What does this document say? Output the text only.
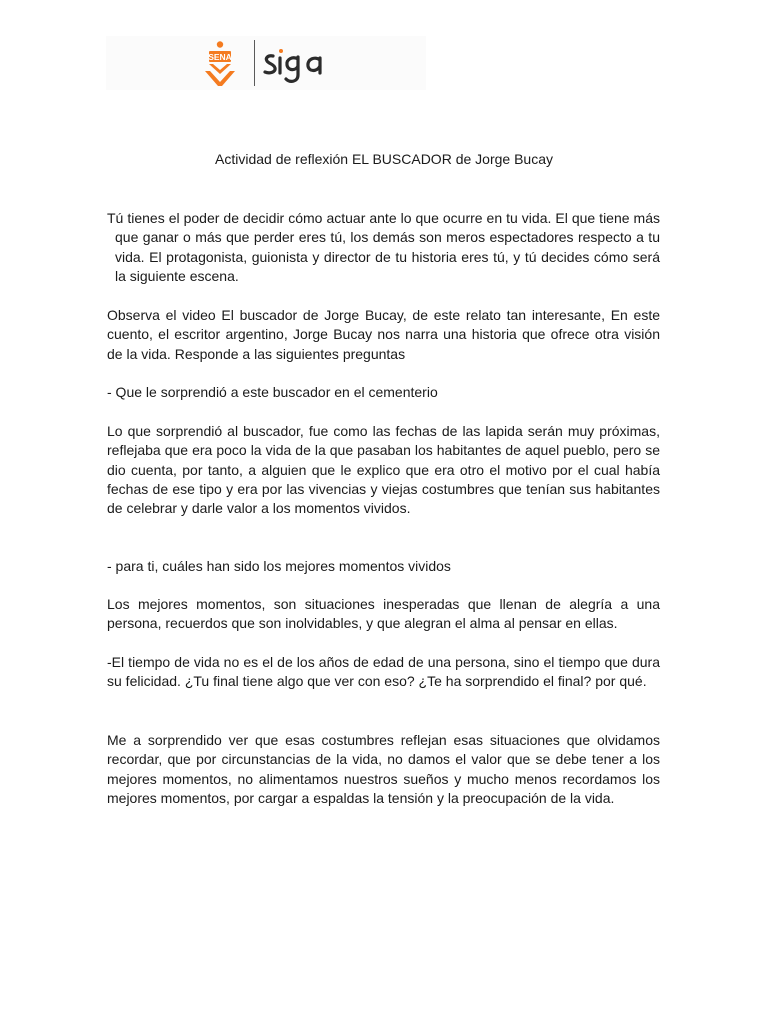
SENA
Actividad de reflexión EL BUSCADOR de Jorge Bucay

Tú tienes el poder de decidir cómo actuar ante lo que ocurre en tu vida. El que tiene más que ganar o más que perder eres tú, los demás son meros espectadores respecto a tu vida. El protagonista, guionista y director de tu historia eres tú, y tú decides cómo será la siguiente escena.

Observa el video El buscador de Jorge Bucay, de este relato tan interesante, En este cuento, el escritor argentino, Jorge Bucay nos narra una historia que ofrece otra visión de la vida. Responde a las siguientes preguntas

- Que le sorprendió a este buscador en el cementerio

Lo que sorprendió al buscador, fue como las fechas de las lapida serán muy próximas, reflejaba que era poco la vida de la que pasaban los habitantes de aquel pueblo, pero se dio cuenta, por tanto, a alguien que le explico que era otro el motivo por el cual había fechas de ese tipo y era por las vivencias y viejas costumbres que tenían sus habitantes de celebrar y darle valor a los momentos vividos.

- para ti, cuáles han sido los mejores momentos vividos

Los mejores momentos, son situaciones inesperadas que llenan de alegría a una persona, recuerdos que son inolvidables, y que alegran el alma al pensar en ellas.

-El tiempo de vida no es el de los años de edad de una persona, sino el tiempo que dura su felicidad. ¿Tu final tiene algo que ver con eso? ¿Te ha sorprendido el final? por qué.

Me a sorprendido ver que esas costumbres reflejan esas situaciones que olvidamos recordar, que por circunstancias de la vida, no damos el valor que se debe tener a los mejores momentos, no alimentamos nuestros sueños y mucho menos recordamos los mejores momentos, por cargar a espaldas la tensión y la preocupación de la vida.
